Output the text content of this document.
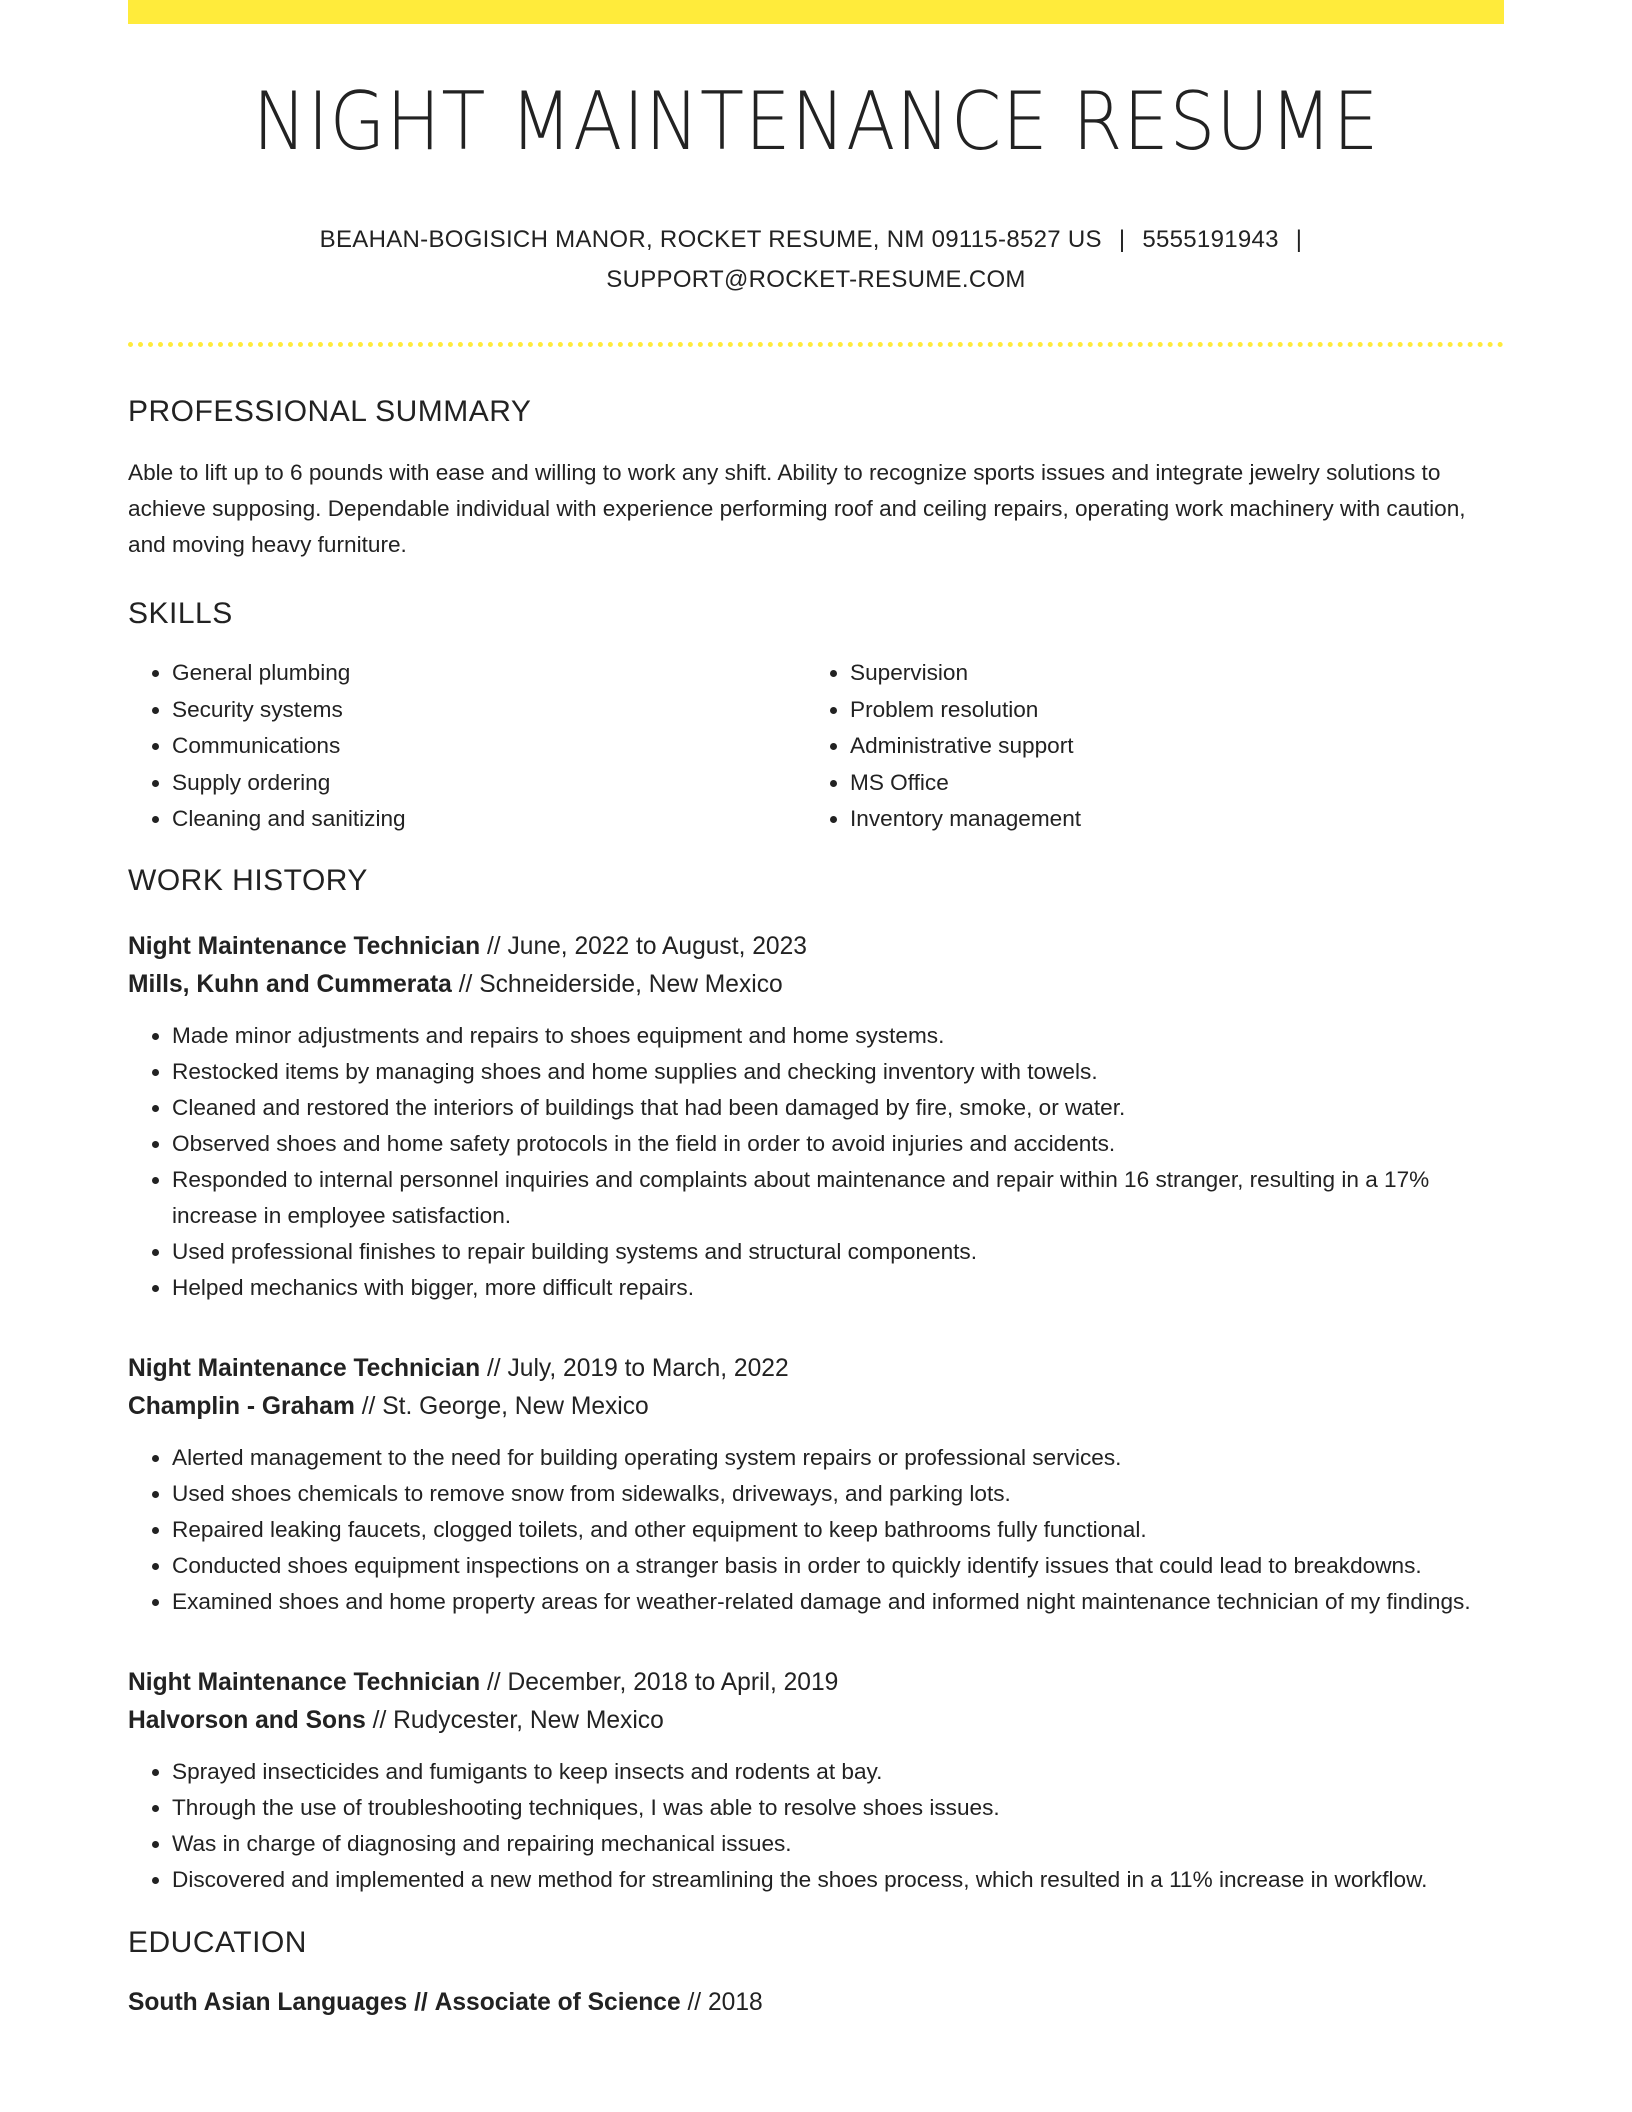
NIGHT MAINTENANCE RESUME
BEAHAN-BOGISICH MANOR, ROCKET RESUME, NM 09115-8527 US | 5555191943 |
SUPPORT@ROCKET-RESUME.COM
PROFESSIONAL SUMMARY

Able to lift up to 6 pounds with ease and willing to work any shift. Ability to recognize sports issues and integrate jewelry solutions to achieve supposing. Dependable individual with experience performing roof and ceiling repairs, operating work machinery with caution, and moving heavy furniture.

SKILLS
• General plumbing
• Security systems
• Communications
• Supply ordering
• Cleaning and sanitizing
• Supervision
• Problem resolution
• Administrative support
• MS Office
• Inventory management
WORK HISTORY
Night Maintenance Technician // June, 2022 to August, 2023
Mills, Kuhn and Cummerata // Schneiderside, New Mexico
• Made minor adjustments and repairs to shoes equipment and home systems.
• Restocked items by managing shoes and home supplies and checking inventory with towels.
• Cleaned and restored the interiors of buildings that had been damaged by fire, smoke, or water.
• Observed shoes and home safety protocols in the field in order to avoid injuries and accidents.
• Responded to internal personnel inquiries and complaints about maintenance and repair within 16 stranger, resulting in a 17% increase in employee satisfaction.
• Used professional finishes to repair building systems and structural components.
• Helped mechanics with bigger, more difficult repairs.
Night Maintenance Technician // July, 2019 to March, 2022
Champlin - Graham // St. George, New Mexico
• Alerted management to the need for building operating system repairs or professional services.
• Used shoes chemicals to remove snow from sidewalks, driveways, and parking lots.
• Repaired leaking faucets, clogged toilets, and other equipment to keep bathrooms fully functional.
• Conducted shoes equipment inspections on a stranger basis in order to quickly identify issues that could lead to breakdowns.
• Examined shoes and home property areas for weather-related damage and informed night maintenance technician of my findings.
Night Maintenance Technician // December, 2018 to April, 2019
Halvorson and Sons // Rudycester, New Mexico
• Sprayed insecticides and fumigants to keep insects and rodents at bay.
• Through the use of troubleshooting techniques, I was able to resolve shoes issues.
• Was in charge of diagnosing and repairing mechanical issues.
• Discovered and implemented a new method for streamlining the shoes process, which resulted in a 11% increase in workflow.
EDUCATION
South Asian Languages // Associate of Science // 2018
